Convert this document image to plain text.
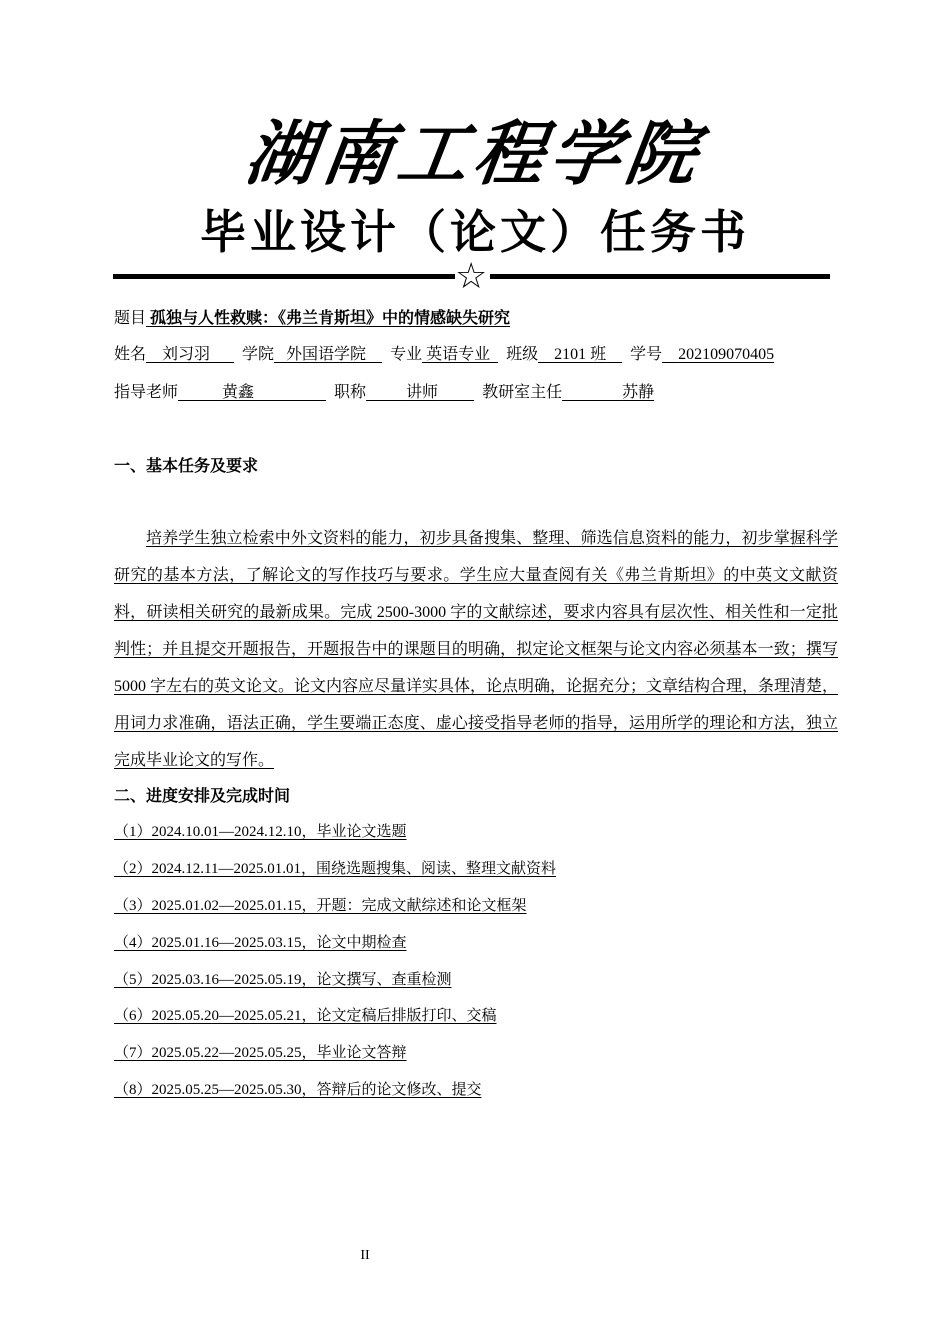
湖南工程学院
毕业设计（论文）任务书
☆
题目 孤独与人性救赎：《弗兰肯斯坦》中的情感缺失研究
姓名 刘习羽 学院 外国语学院 专业 英语专业 班级 2101 班 学号 202109070405
指导老师	黄鑫	职称	讲师	教研室主任	苏静
一、基本任务及要求
培养学生独立检索中外文资料的能力，初步具备搜集、整理、筛选信息资料的能力，初步掌握科学研究的基本方法，了解论文的写作技巧与要求。学生应大量查阅有关《弗兰肯斯坦》的中英文文献资料，研读相关研究的最新成果。完成 2500-3000 字的文献综述，要求内容具有层次性、相关性和一定批判性；并且提交开题报告，开题报告中的课题目的明确，拟定论文框架与论文内容必须基本一致；撰写 5000 字左右的英文论文。论文内容应尽量详实具体，论点明确，论据充分；文章结构合理，条理清楚，用词力求准确，语法正确，学生要端正态度、虚心接受指导老师的指导，运用所学的理论和方法，独立完成毕业论文的写作。
二、进度安排及完成时间
（1）2024.10.01—2024.12.10，毕业论文选题
（2）2024.12.11—2025.01.01，围绕选题搜集、阅读、整理文献资料
（3）2025.01.02—2025.01.15，开题：完成文献综述和论文框架
（4）2025.01.16—2025.03.15，论文中期检查
（5）2025.03.16—2025.05.19，论文撰写、查重检测
（6）2025.05.20—2025.05.21，论文定稿后排版打印、交稿
（7）2025.05.22—2025.05.25，毕业论文答辩
（8）2025.05.25—2025.05.30，答辩后的论文修改、提交
II
